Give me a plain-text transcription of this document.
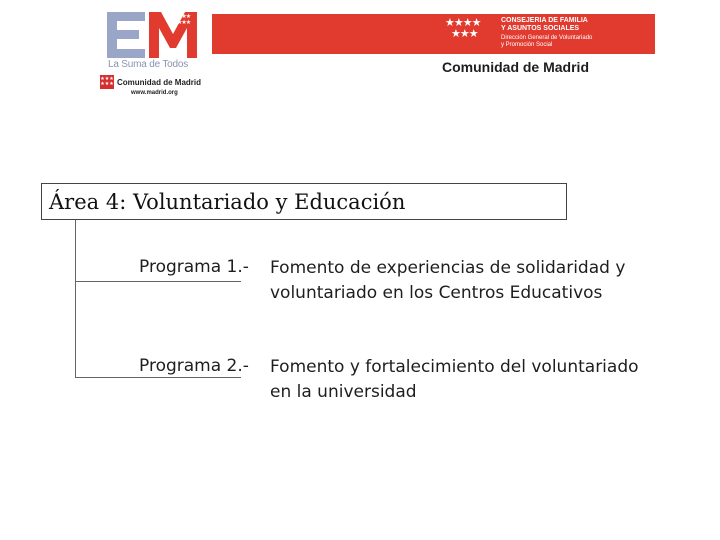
★★★
★★★
La Suma de Todos
★★★
★★★ Comunidad de Madrid
www.madrid.org
★★★★
★★★
CONSEJERIA DE FAMILIA
Y ASUNTOS SOCIALES
Dirección General de Voluntariado
y Promoción Social
Comunidad de Madrid
Área 4: Voluntariado y Educación
Programa 1.- Fomento de experiencias de solidaridad y
voluntariado en los Centros Educativos
Programa 2.- Fomento y fortalecimiento del voluntariado
en la universidad
